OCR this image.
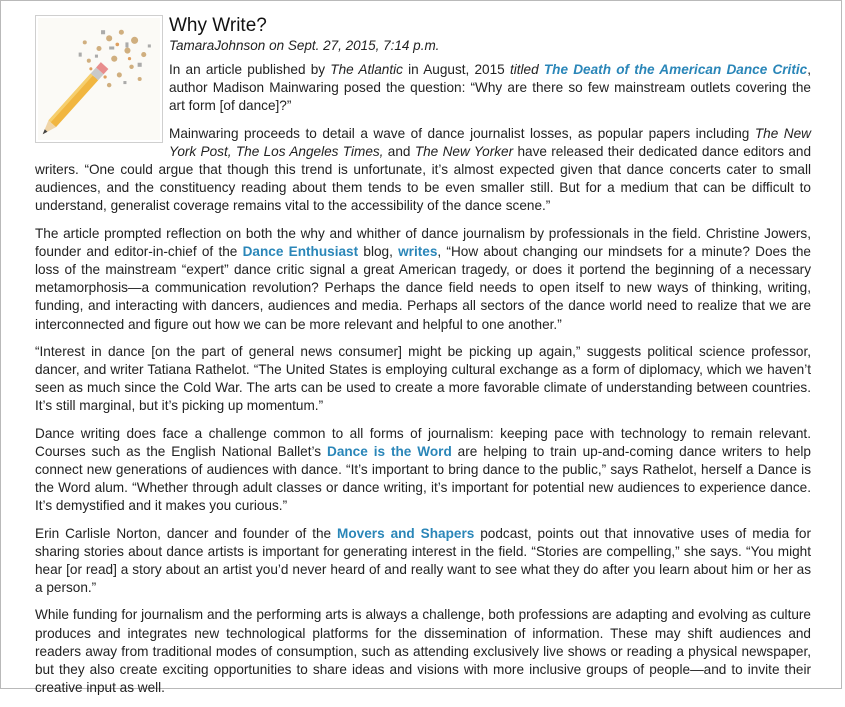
Why Write?
TamaraJohnson on Sept. 27, 2015, 7:14 p.m.

In an article published by The Atlantic in August, 2015 titled The Death of the American Dance Critic, author Madison Mainwaring posed the question: “Why are there so few mainstream outlets covering the art form [of dance]?”

Mainwaring proceeds to detail a wave of dance journalist losses, as popular papers including The New York Post, The Los Angeles Times, and The New Yorker have released their dedicated dance editors and writers. “One could argue that though this trend is unfortunate, it’s almost expected given that dance concerts cater to small audiences, and the constituency reading about them tends to be even smaller still. But for a medium that can be difficult to understand, generalist coverage remains vital to the accessibility of the dance scene.”

The article prompted reflection on both the why and whither of dance journalism by professionals in the field. Christine Jowers, founder and editor-in-chief of the Dance Enthusiast blog, writes, “How about changing our mindsets for a minute? Does the loss of the mainstream “expert” dance critic signal a great American tragedy, or does it portend the beginning of a necessary metamorphosis—a communication revolution? Perhaps the dance field needs to open itself to new ways of thinking, writing, funding, and interacting with dancers, audiences and media. Perhaps all sectors of the dance world need to realize that we are interconnected and figure out how we can be more relevant and helpful to one another.”

“Interest in dance [on the part of general news consumer] might be picking up again,” suggests political science professor, dancer, and writer Tatiana Rathelot. “The United States is employing cultural exchange as a form of diplomacy, which we haven’t seen as much since the Cold War. The arts can be used to create a more favorable climate of understanding between countries. It’s still marginal, but it’s picking up momentum.”

Dance writing does face a challenge common to all forms of journalism: keeping pace with technology to remain relevant. Courses such as the English National Ballet’s Dance is the Word are helping to train up-and-coming dance writers to help connect new generations of audiences with dance. “It’s important to bring dance to the public,” says Rathelot, herself a Dance is the Word alum. “Whether through adult classes or dance writing, it’s important for potential new audiences to experience dance. It’s demystified and it makes you curious.”

Erin Carlisle Norton, dancer and founder of the Movers and Shapers podcast, points out that innovative uses of media for sharing stories about dance artists is important for generating interest in the field. “Stories are compelling,” she says. “You might hear [or read] a story about an artist you’d never heard of and really want to see what they do after you learn about him or her as a person.”

While funding for journalism and the performing arts is always a challenge, both professions are adapting and evolving as culture produces and integrates new technological platforms for the dissemination of information. These may shift audiences and readers away from traditional modes of consumption, such as attending exclusively live shows or reading a physical newspaper, but they also create exciting opportunities to share ideas and visions with more inclusive groups of people—and to invite their creative input as well.
